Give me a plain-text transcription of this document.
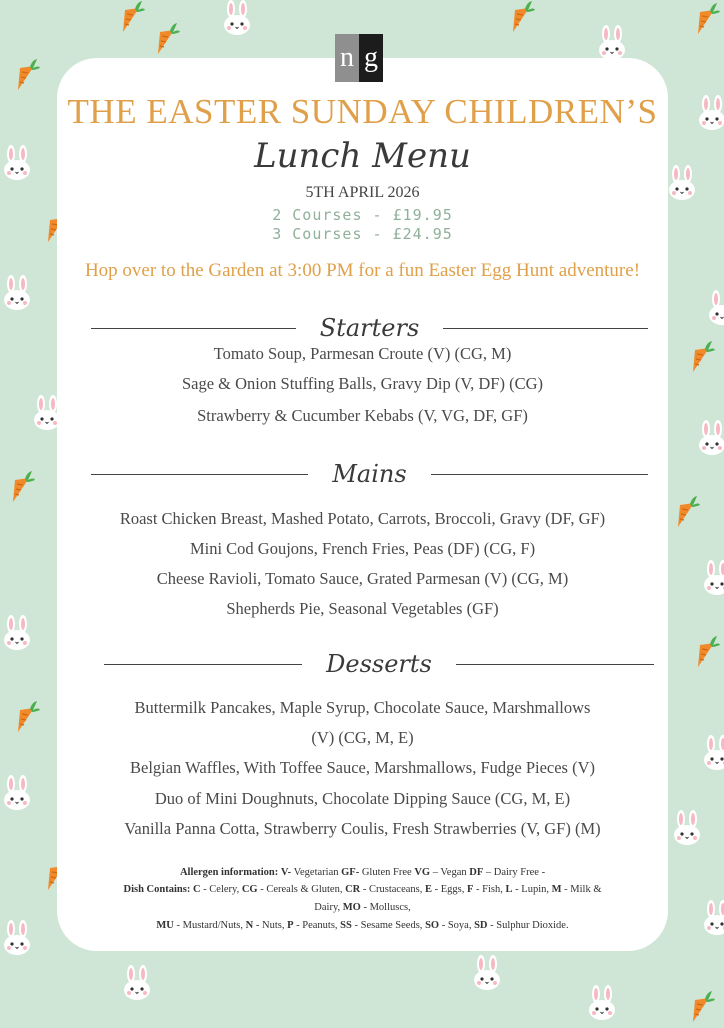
n g
THE EASTER SUNDAY CHILDREN’S
Lunch Menu
5TH APRIL 2026
2 Courses - £19.95
3 Courses - £24.95
Hop over to the Garden at 3:00 PM for a fun Easter Egg Hunt adventure!
Starters
Tomato Soup, Parmesan Croute (V) (CG, M)
Sage & Onion Stuffing Balls, Gravy Dip (V, DF) (CG)
Strawberry & Cucumber Kebabs (V, VG, DF, GF)
Mains
Roast Chicken Breast, Mashed Potato, Carrots, Broccoli, Gravy (DF, GF)
Mini Cod Goujons, French Fries, Peas (DF) (CG, F)
Cheese Ravioli, Tomato Sauce, Grated Parmesan (V) (CG, M)
Shepherds Pie, Seasonal Vegetables (GF)
Desserts
Buttermilk Pancakes, Maple Syrup, Chocolate Sauce, Marshmallows
(V) (CG, M, E)
Belgian Waffles, With Toffee Sauce, Marshmallows, Fudge Pieces (V)
Duo of Mini Doughnuts, Chocolate Dipping Sauce (CG, M, E)
Vanilla Panna Cotta, Strawberry Coulis, Fresh Strawberries (V, GF) (M)
Allergen information: V- Vegetarian GF- Gluten Free VG – Vegan DF – Dairy Free -
Dish Contains: C - Celery, CG - Cereals & Gluten, CR - Crustaceans, E - Eggs, F - Fish, L - Lupin, M - Milk &
Dairy, MO - Molluscs,
MU - Mustard/Nuts, N - Nuts, P - Peanuts, SS - Sesame Seeds, SO - Soya, SD - Sulphur Dioxide.
